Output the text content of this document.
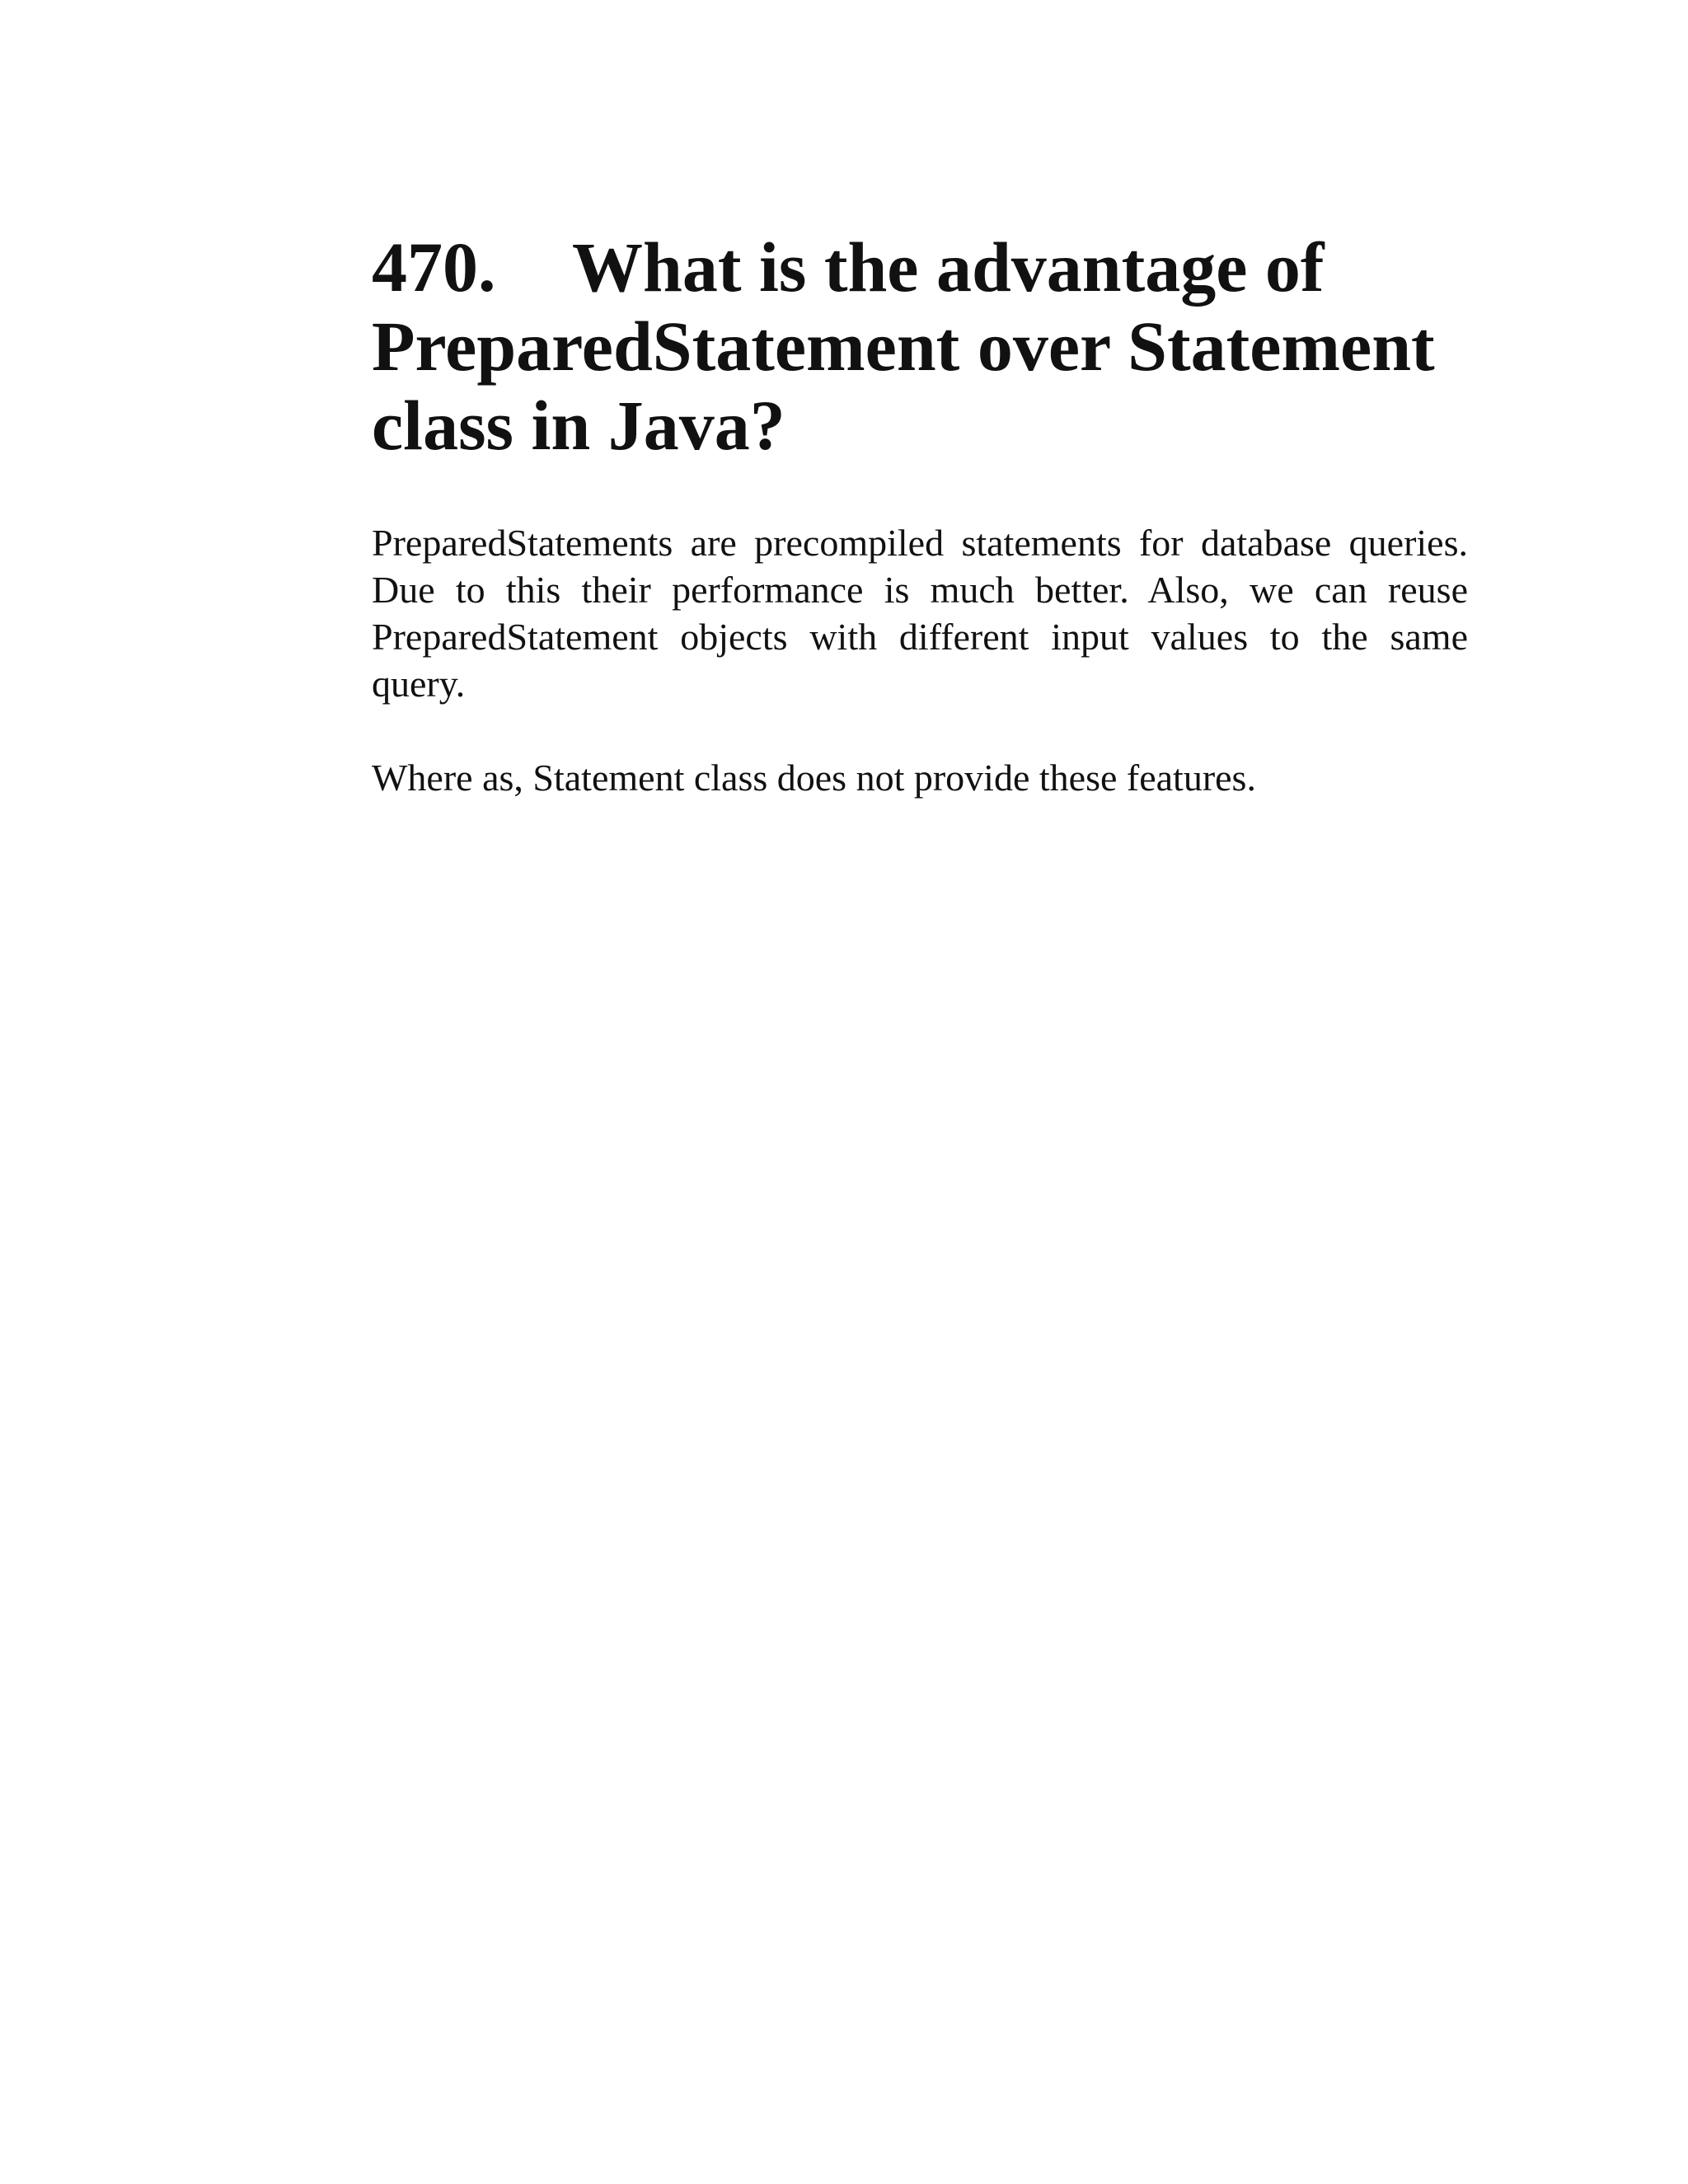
470. What is the advantage of PreparedStatement over Statement class in Java?

PreparedStatements are precompiled statements for database queries. Due to this their performance is much better. Also, we can reuse PreparedStatement objects with different input values to the same query.

Where as, Statement class does not provide these features.
